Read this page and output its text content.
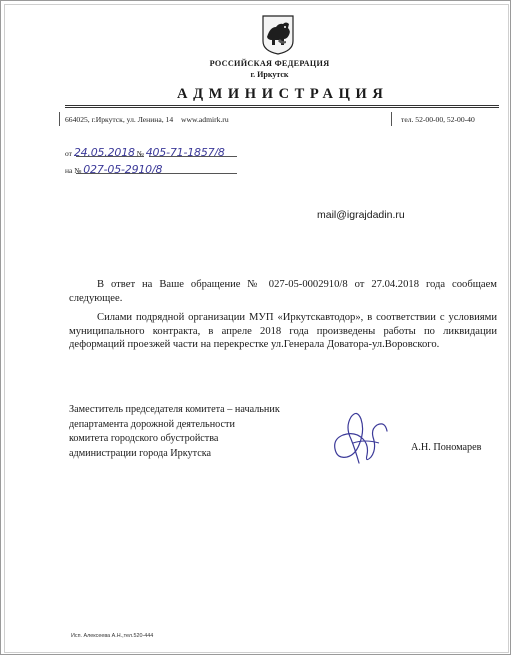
РОССИЙСКАЯ ФЕДЕРАЦИЯ
г. Иркутск
АДМИНИСТРАЦИЯ
664025, г.Иркутск, ул. Ленина, 14 www.admirk.ru	тел. 52-00-00, 52-00-40
от 24.05.2018 № 405-71-1857/8
на № 027-05-2910/8
mail@igrajdadin.ru
В ответ на Ваше обращение № 027-05-0002910/8 от 27.04.2018 года сообщаем следующее.
Силами подрядной организации МУП «Иркутскавтодор», в соответствии с условиями муниципального контракта, в апреле 2018 года произведены работы по ликвидации деформаций проезжей части на перекрестке ул.Генерала Доватора-ул.Воровского.
Заместитель председателя комитета – начальник
департамента дорожной деятельности
комитета городского обустройства
администрации города Иркутска	А.Н. Пономарев
Исп. Алексеева А.Н.,тел.520-444
